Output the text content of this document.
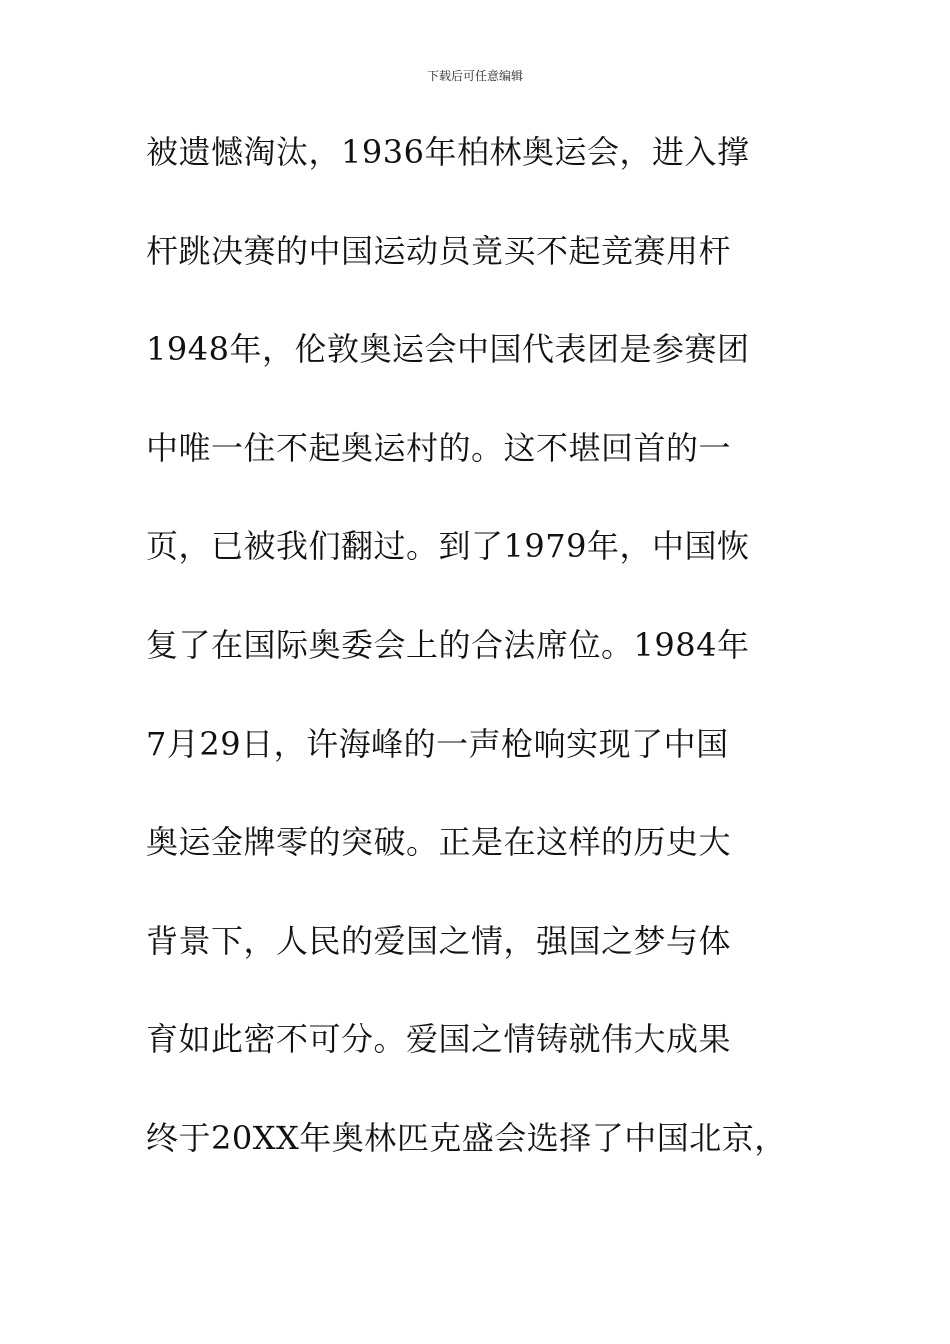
下载后可任意编辑
被遗憾淘汰，1936年柏林奥运会，进入撑
杆跳决赛的中国运动员竟买不起竞赛用杆
1948年，伦敦奥运会中国代表团是参赛团
中唯一住不起奥运村的。这不堪回首的一
页，已被我们翻过。到了1979年，中国恢
复了在国际奥委会上的合法席位。1984年
7月29日，许海峰的一声枪响实现了中国
奥运金牌零的突破。正是在这样的历史大
背景下，人民的爱国之情，强国之梦与体
育如此密不可分。爱国之情铸就伟大成果
终于20XX年奥林匹克盛会选择了中国北京，
